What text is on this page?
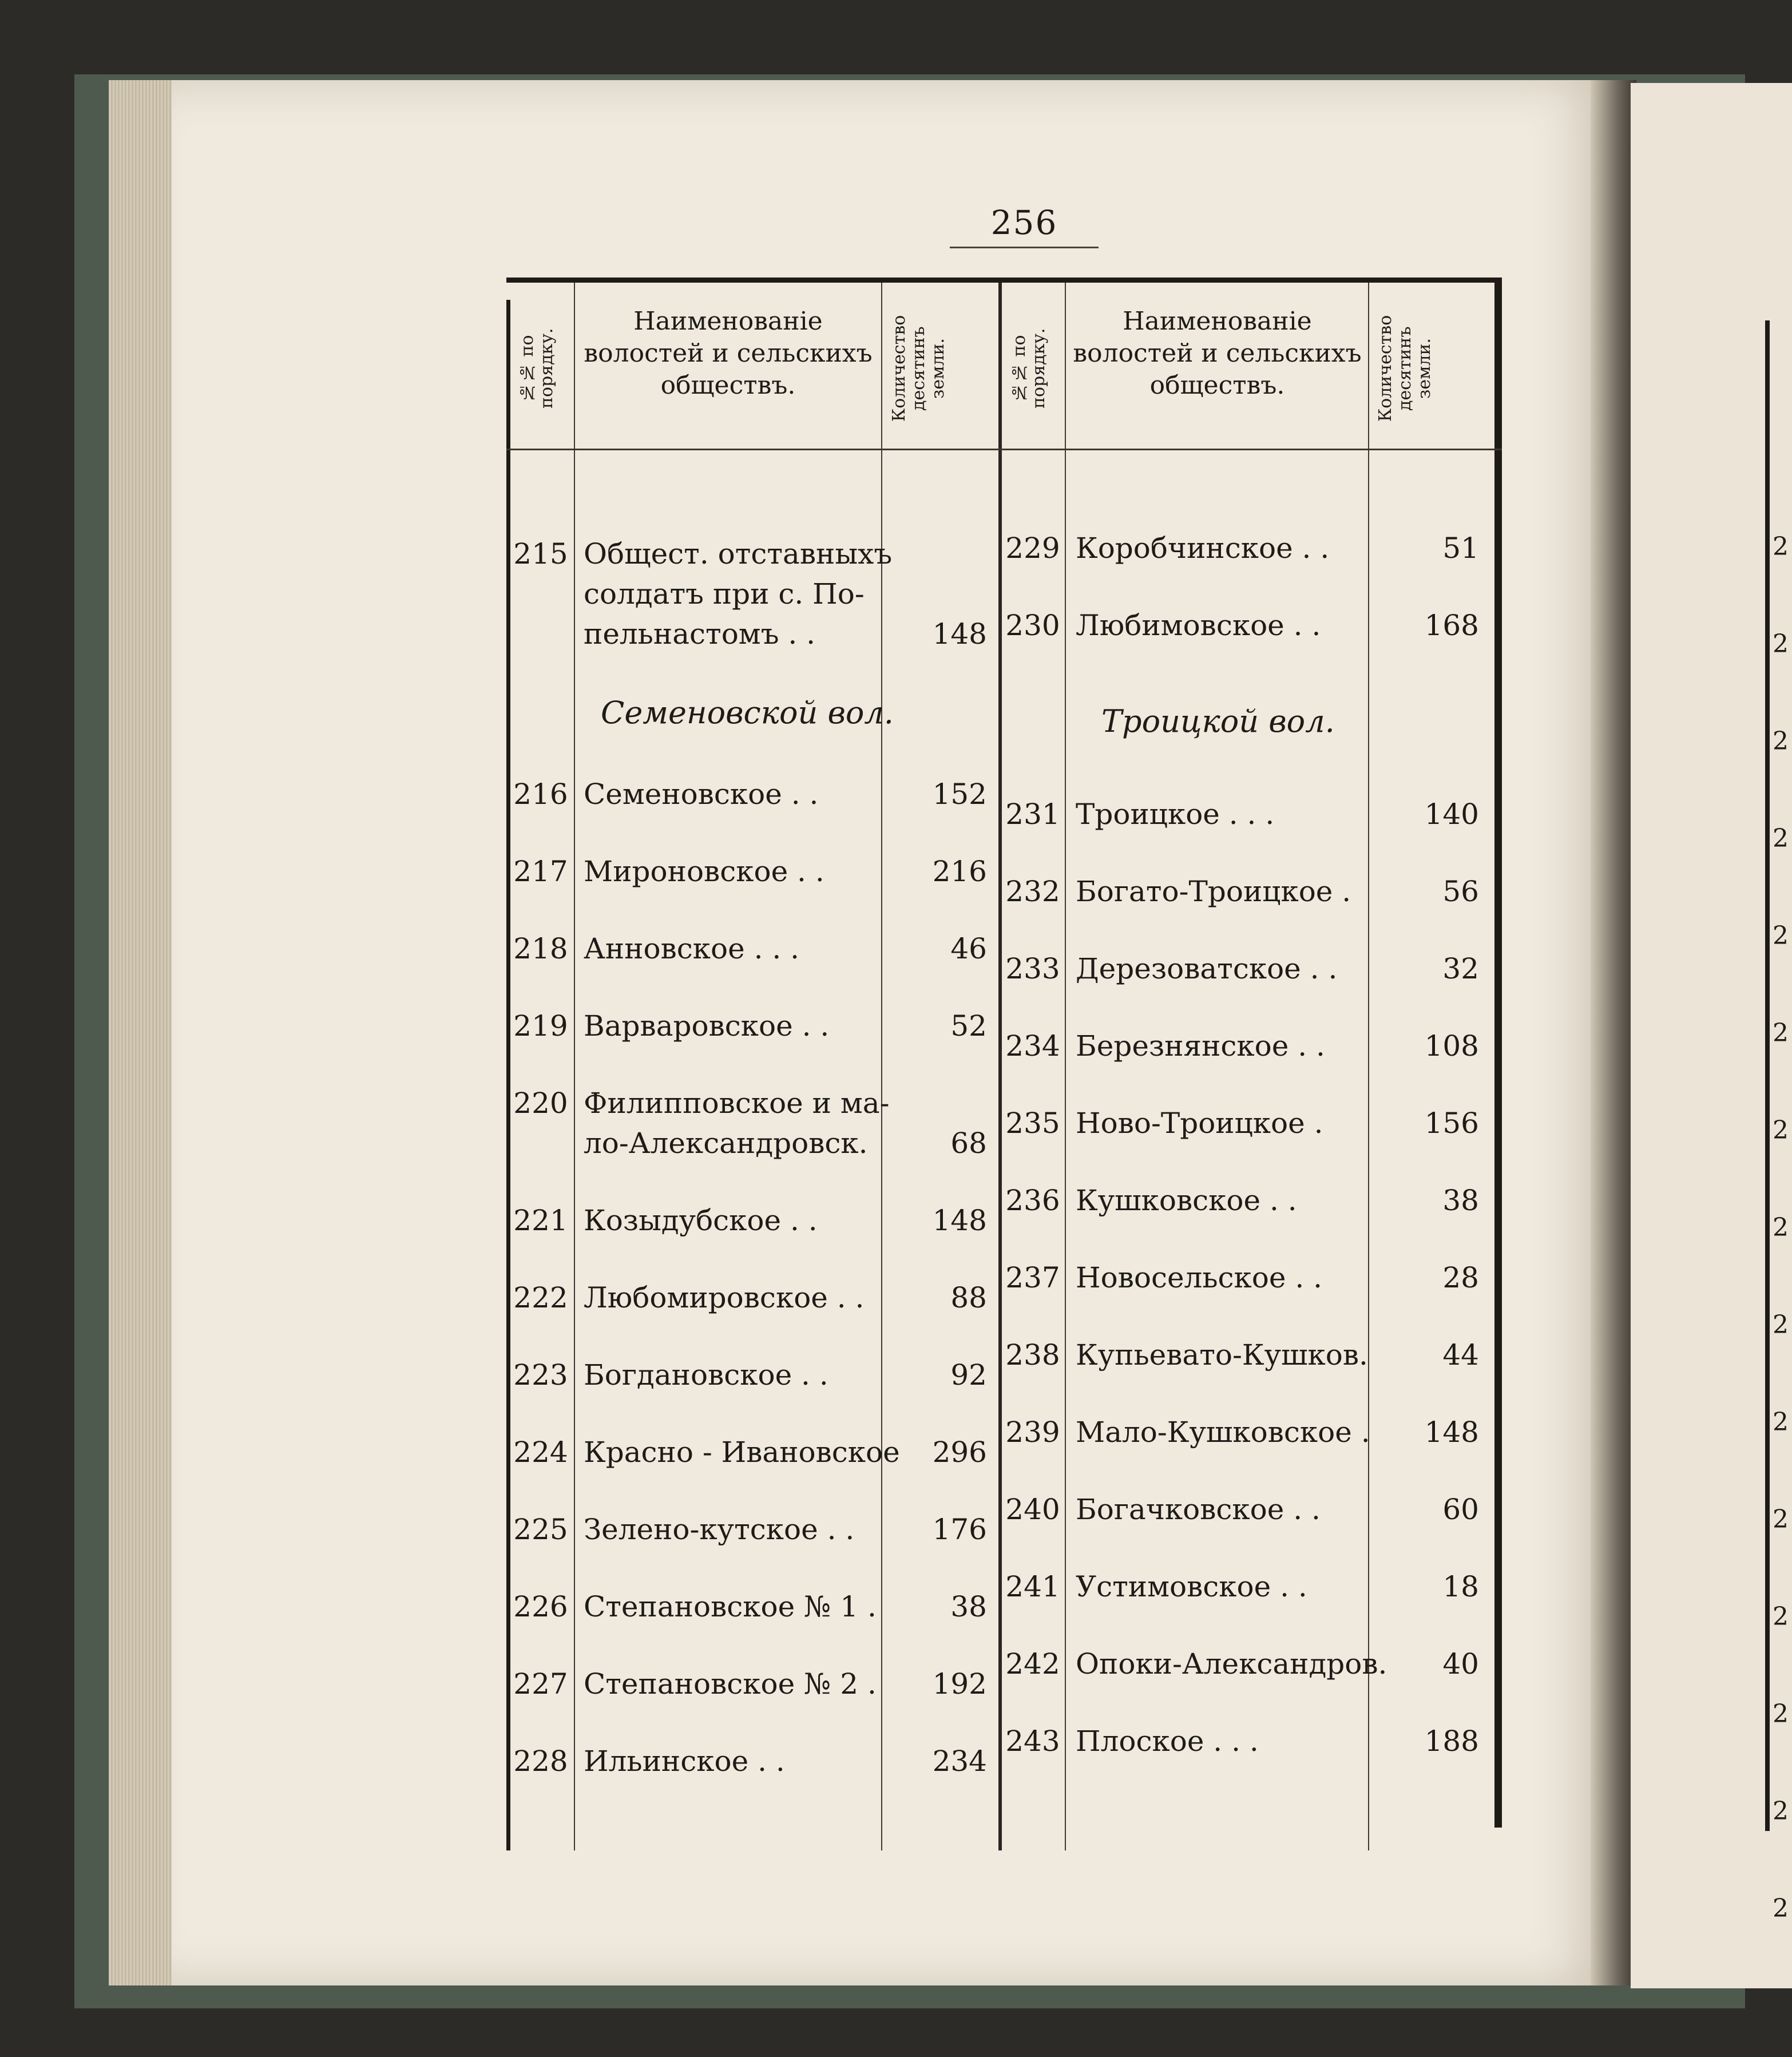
2
2
2
2
2
2
2
2
2
2
2
2
2
2
2
256
№№ по порядку.
Наименованіе волостей и сельскихъ обществъ.	Количество десятинъ земли.	№№ по порядку.
Наименованіе волостей и сельскихъ обществъ.	Количество десятинъ земли.
Семеновской вол.	Троицкой вол.
215 Общест. отставныхъ
солдатъ при с. По-
пельнастомъ . .	148
216 Семеновское . .	152
217 Мироновское . .	216
218 Анновское . . .	46
219 Варваровское . .	52
220 Филипповское и ма-
ло-Александровск.	68
221 Козыдубское . .	148
222 Любомировское . .	88
223 Богдановское . .	92
224 Красно - Ивановское	296
225 Зелено-кутское . .	176
226 Степановское № 1 .	38
227 Степановское № 2 .	192
228 Ильинское . .	234
229 Коробчинское . .	51
230 Любимовское . .	168
231 Троицкое . . .	140
232 Богато-Троицкое .	56
233 Дерезоватское . .	32
234 Березнянское . .	108
235 Ново-Троицкое .	156
236 Кушковское . .	38
237 Новосельское . .	28
238 Купьевато-Кушков.	44
239 Мало-Кушковское .	148
240 Богачковское . .	60
241 Устимовское . .	18
242 Опоки-Александров.	40
243 Плоское . . .	188
